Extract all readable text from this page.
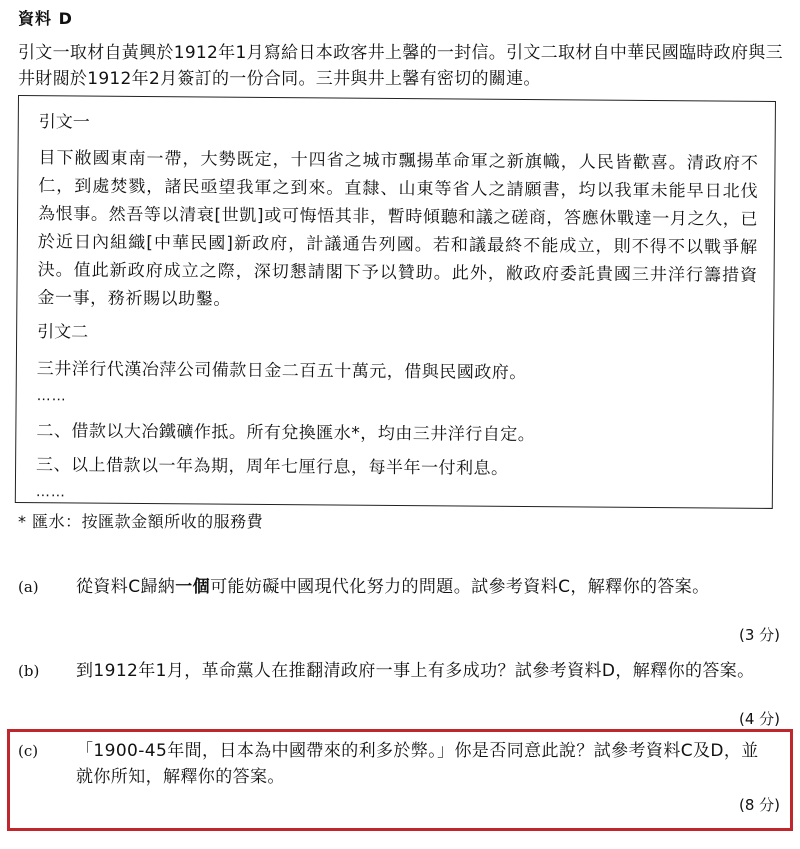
資料 D
引文一取材自黃興於1912年1月寫給日本政客井上馨的一封信。引文二取材自中華民國臨時政府與三井財閥於1912年2月簽訂的一份合同。三井與井上馨有密切的關連。

引文一

目下敝國東南一帶，大勢既定，十四省之城市飄揚革命軍之新旗幟，人民皆歡喜。清政府不仁，到處焚戮，諸民亟望我軍之到來。直隸、山東等省人之請願書，均以我軍未能早日北伐為恨事。然吾等以清衰[世凱]或可悔悟其非，暫時傾聽和議之磋商，答應休戰達一月之久，已於近日內組織[中華民國]新政府，計議通告列國。若和議最終不能成立，則不得不以戰爭解決。值此新政府成立之際，深切懇請閣下予以贊助。此外，敝政府委託貴國三井洋行籌措資金一事，務祈賜以助鑿。

引文二

三井洋行代漢冶萍公司備款日金二百五十萬元，借與民國政府。

……

二、借款以大冶鐵礦作抵。所有兌換匯水*，均由三井洋行自定。

三、以上借款以一年為期，周年七厘行息，每半年一付利息。

……

* 匯水：按匯款金額所收的服務費
(a) 從資料C歸納一個可能妨礙中國現代化努力的問題。試參考資料C，解釋你的答案。
(3 分)
(b) 到1912年1月，革命黨人在推翻清政府一事上有多成功？試參考資料D，解釋你的答案。
(4 分)
(c) 「1900-45年間，日本為中國帶來的利多於弊。」你是否同意此說？試參考資料C及D，並就你所知，解釋你的答案。
(8 分)
